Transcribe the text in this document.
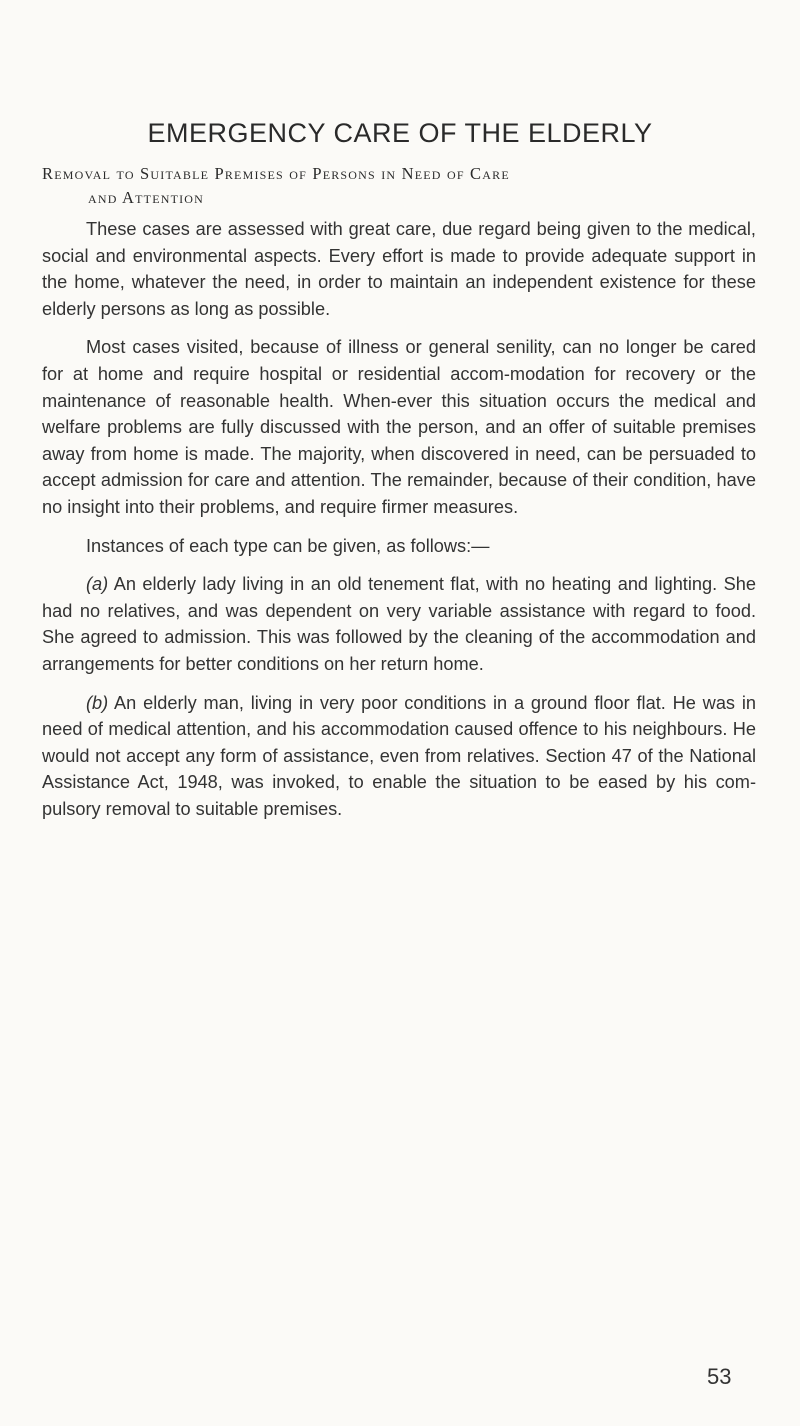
EMERGENCY CARE OF THE ELDERLY
Removal to Suitable Premises of Persons in Need of Care
and Attention

These cases are assessed with great care, due regard being given to the medical, social and environmental aspects. Every effort is made to provide adequate support in the home, whatever the need, in order to maintain an independent existence for these elderly persons as long as possible.

Most cases visited, because of illness or general senility, can no longer be cared for at home and require hospital or residential accom-modation for recovery or the maintenance of reasonable health. When-ever this situation occurs the medical and welfare problems are fully discussed with the person, and an offer of suitable premises away from home is made. The majority, when discovered in need, can be persuaded to accept admission for care and attention. The remainder, because of their condition, have no insight into their problems, and require firmer measures.

Instances of each type can be given, as follows:—

(a) An elderly lady living in an old tenement flat, with no heating and lighting. She had no relatives, and was dependent on very variable assistance with regard to food. She agreed to admission. This was followed by the cleaning of the accommodation and arrangements for better conditions on her return home.

(b) An elderly man, living in very poor conditions in a ground floor flat. He was in need of medical attention, and his accommodation caused offence to his neighbours. He would not accept any form of assistance, even from relatives. Section 47 of the National Assistance Act, 1948, was invoked, to enable the situation to be eased by his com-pulsory removal to suitable premises.

53
